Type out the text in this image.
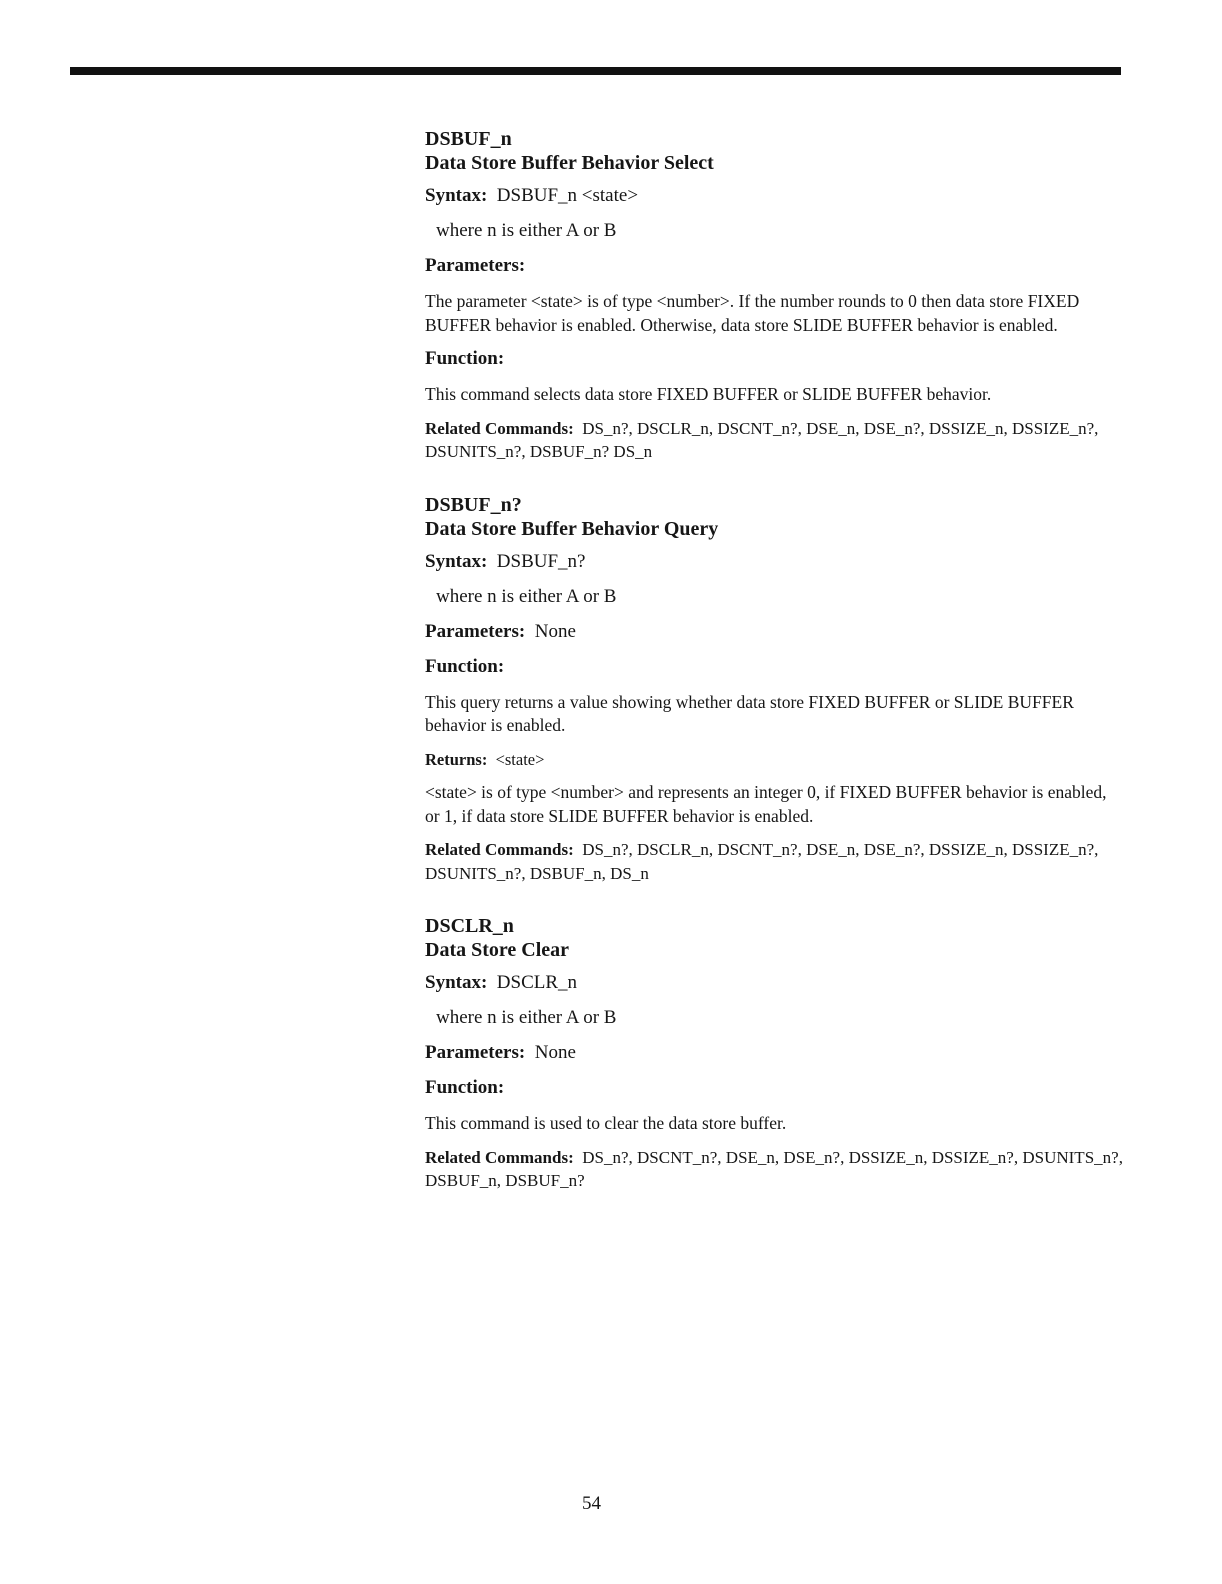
DSBUF_n

Data Store Buffer Behavior Select

Syntax: DSBUF_n <state>

where n is either A or B

Parameters:

The parameter <state> is of type <number>. If the number rounds to 0 then data store FIXED BUFFER behavior is enabled. Otherwise, data store SLIDE BUFFER behavior is enabled.

Function:

This command selects data store FIXED BUFFER or SLIDE BUFFER behavior.

Related Commands: DS_n?, DSCLR_n, DSCNT_n?, DSE_n, DSE_n?, DSSIZE_n, DSSIZE_n?, DSUNITS_n?, DSBUF_n? DS_n

DSBUF_n?

Data Store Buffer Behavior Query

Syntax: DSBUF_n?

where n is either A or B

Parameters: None

Function:

This query returns a value showing whether data store FIXED BUFFER or SLIDE BUFFER behavior is enabled.

Returns: <state>

<state> is of type <number> and represents an integer 0, if FIXED BUFFER behavior is enabled, or 1, if data store SLIDE BUFFER behavior is enabled.

Related Commands: DS_n?, DSCLR_n, DSCNT_n?, DSE_n, DSE_n?, DSSIZE_n, DSSIZE_n?, DSUNITS_n?, DSBUF_n, DS_n

DSCLR_n

Data Store Clear

Syntax: DSCLR_n

where n is either A or B

Parameters: None

Function:

This command is used to clear the data store buffer.

Related Commands: DS_n?, DSCNT_n?, DSE_n, DSE_n?, DSSIZE_n, DSSIZE_n?, DSUNITS_n?, DSBUF_n, DSBUF_n?

54
